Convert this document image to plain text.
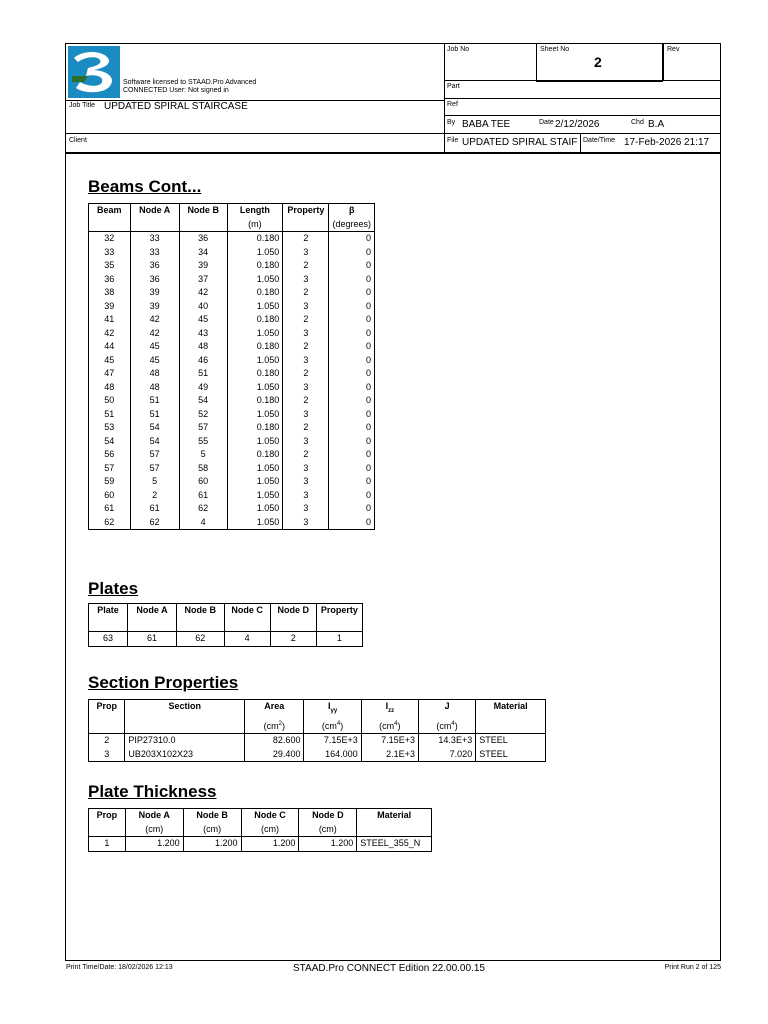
Software licensed to STAAD.Pro Advanced
CONNECTED User: Not signed in
Job No	Sheet No
2
Rev
Part
Job Title UPDATED SPIRAL STAIRCASE	Ref
By BABA TEE	Date 2/12/2026	Chd B.A
Client	File UPDATED SPIRAL STAIF Date/Time 17-Feb-2026 21:17
Beams Cont...
Beam	Node A	Node B	Length	Property	β
			(m)		(degrees)
32	33	36	0.180	2	0
33	33	34	1.050	3	0
35	36	39	0.180	2	0
36	36	37	1.050	3	0
38	39	42	0.180	2	0
39	39	40	1.050	3	0
41	42	45	0.180	2	0
42	42	43	1.050	3	0
44	45	48	0.180	2	0
45	45	46	1.050	3	0
47	48	51	0.180	2	0
48	48	49	1.050	3	0
50	51	54	0.180	2	0
51	51	52	1.050	3	0
53	54	57	0.180	2	0
54	54	55	1.050	3	0
56	57	5	0.180	2	0
57	57	58	1.050	3	0
59	5	60	1.050	3	0
60	2	61	1.050	3	0
61	61	62	1.050	3	0
62	62	4	1.050	3	0
Plates
Plate	Node A	Node B	Node C	Node D	Property

63	61	62	4	2	1
Section Properties
Prop	Section	Area	$I_{yy}$	$I_{zz}$	J	Material
		$(cm^2)$	$(cm^4)$	$(cm^4)$	$(cm^4)$	
2	PIP27310.0	82.600	7.15E+3	7.15E+3	14.3E+3	STEEL
3	UB203X102X23	29.400	164.000	2.1E+3	7.020	STEEL
Plate Thickness
Prop	Node A	Node B	Node C	Node D	Material
	(cm)	(cm)	(cm)	(cm)	
1	1.200	1.200	1.200	1.200	STEEL_355_N
Print Time/Date: 18/02/2026 12:13	STAAD.Pro CONNECT Edition 22.00.00.15	Print Run 2 of 125
